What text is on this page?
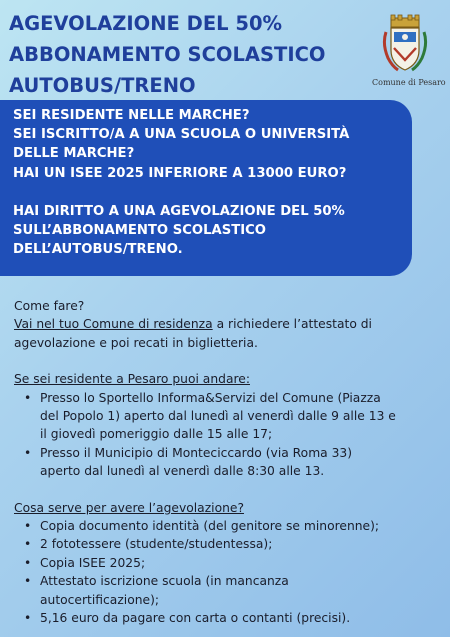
AGEVOLAZIONE DEL 50%
ABBONAMENTO SCOLASTICO
AUTOBUS/TRENO	Comune di Pesaro
SEI RESIDENTE NELLE MARCHE?
SEI ISCRITTO/A A UNA SCUOLA O UNIVERSITÀ
DELLE MARCHE?
HAI UN ISEE 2025 INFERIORE A 13000 EURO?
HAI DIRITTO A UNA AGEVOLAZIONE DEL 50%
SULL’ABBONAMENTO SCOLASTICO
DELL’AUTOBUS/TRENO.
Come fare?
Vai nel tuo Comune di residenza a richiedere l’attestato di
agevolazione e poi recati in biglietteria.
Se sei residente a Pesaro puoi andare:
• Presso lo Sportello Informa&Servizi del Comune (Piazza
del Popolo 1) aperto dal lunedì al venerdì dalle 9 alle 13 e
il giovedì pomeriggio dalle 15 alle 17;
• Presso il Municipio di Monteciccardo (via Roma 33)
aperto dal lunedì al venerdì dalle 8:30 alle 13.
Cosa serve per avere l’agevolazione?
• Copia documento identità (del genitore se minorenne);
• 2 fototessere (studente/studentessa);
• Copia ISEE 2025;
• Attestato iscrizione scuola (in mancanza
autocertificazione);
• 5,16 euro da pagare con carta o contanti (precisi).
